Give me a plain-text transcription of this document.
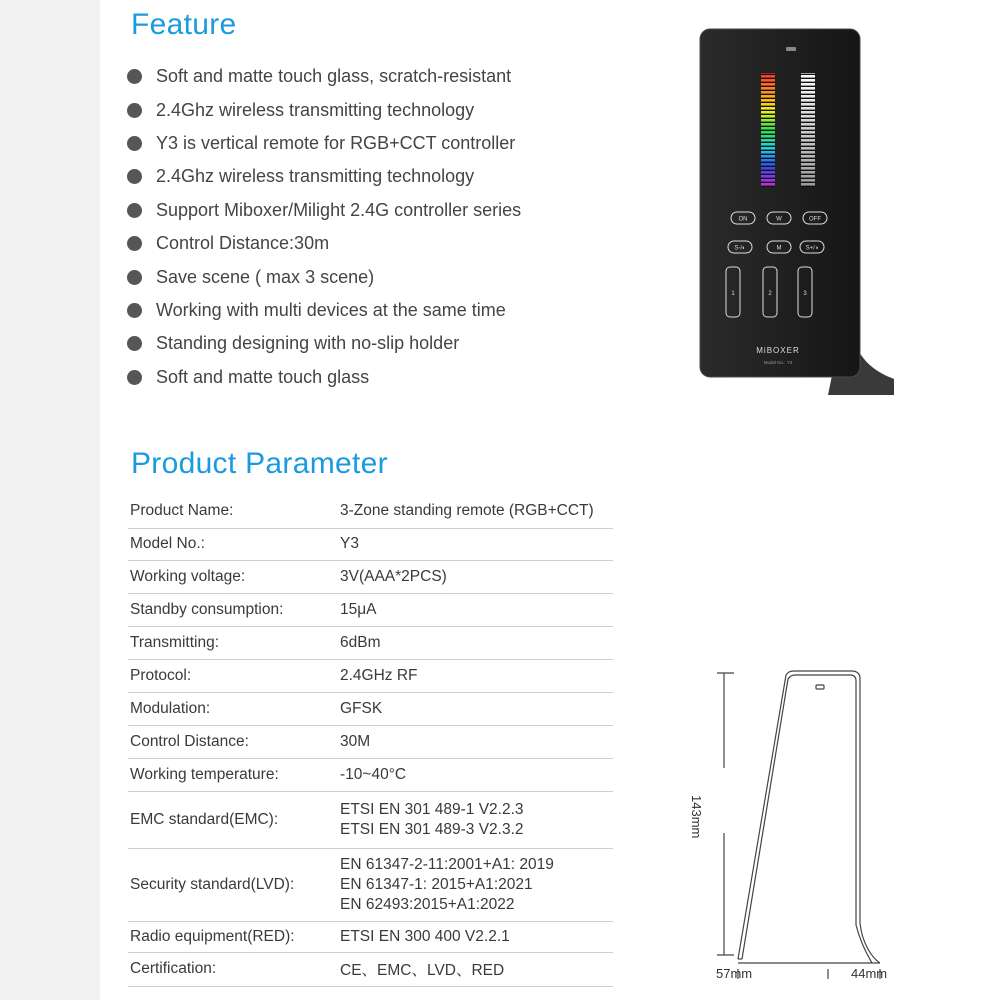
Feature
Soft and matte touch glass, scratch-resistant
2.4Ghz wireless transmitting technology
Y3 is vertical remote for RGB+CCT controller
2.4Ghz wireless transmitting technology
Support Miboxer/Milight 2.4G controller series
Control Distance:30m
Save scene ( max 3 scene)
Working with multi devices at the same time
Standing designing with no-slip holder
Soft and matte touch glass
Product Parameter
Product Name:	3-Zone standing remote (RGB+CCT)

Model No.:	Y3

Working voltage:	3V(AAA*2PCS)

Standby consumption:	15μA

Transmitting:	6dBm

Protocol:	2.4GHz RF

Modulation:	GFSK

Control Distance:	30M

Working temperature:	-10~40°C

EMC standard(EMC):	ETSI EN 301 489-1 V2.2.3
ETSI EN 301 489-3 V2.3.2

Security standard(LVD):	EN 61347-2-11:2001+A1: 2019
EN 61347-1: 2015+A1:2021
EN 62493:2015+A1:2022

Radio equipment(RED):	ETSI EN 300 400 V2.2.1

Certification:	CE、EMC、LVD、RED
ON	W	OFF
S-/◐	M	S+/◑
1	2	3
MiBOXER
Model No.: Y3
143mm
57mm	44mm
